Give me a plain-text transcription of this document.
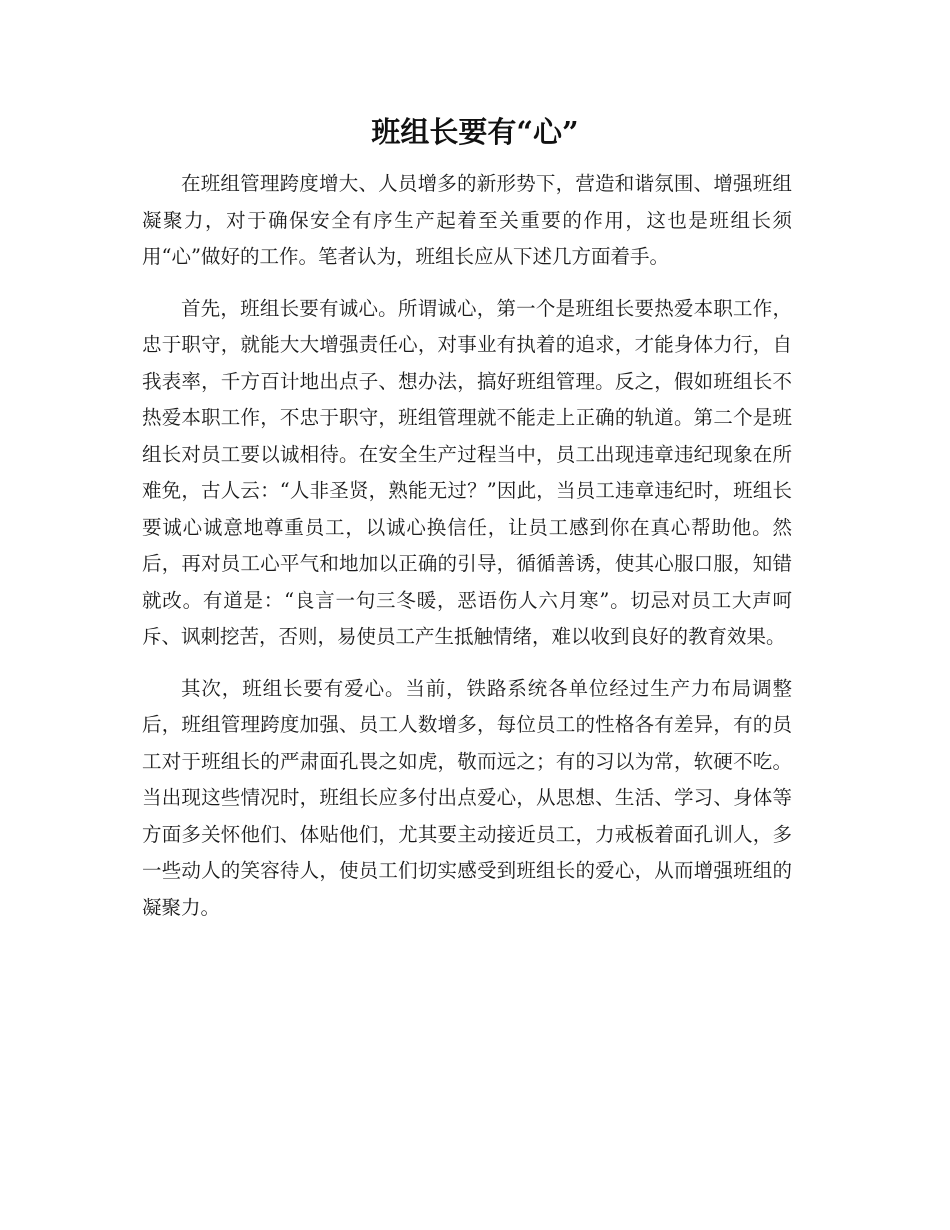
班组长要有“心”

在班组管理跨度增大、人员增多的新形势下，营造和谐氛围、增强班组凝聚力，对于确保安全有序生产起着至关重要的作用，这也是班组长须用“心”做好的工作。笔者认为，班组长应从下述几方面着手。

首先，班组长要有诚心。所谓诚心，第一个是班组长要热爱本职工作，忠于职守，就能大大增强责任心，对事业有执着的追求，才能身体力行，自我表率，千方百计地出点子、想办法，搞好班组管理。反之，假如班组长不热爱本职工作，不忠于职守，班组管理就不能走上正确的轨道。第二个是班组长对员工要以诚相待。在安全生产过程当中，员工出现违章违纪现象在所难免，古人云：“人非圣贤，熟能无过？”因此，当员工违章违纪时，班组长要诚心诚意地尊重员工，以诚心换信任，让员工感到你在真心帮助他。然后，再对员工心平气和地加以正确的引导，循循善诱，使其心服口服，知错就改。有道是：“良言一句三冬暖，恶语伤人六月寒”。切忌对员工大声呵斥、讽刺挖苦，否则，易使员工产生抵触情绪，难以收到良好的教育效果。

其次，班组长要有爱心。当前，铁路系统各单位经过生产力布局调整后，班组管理跨度加强、员工人数增多，每位员工的性格各有差异，有的员工对于班组长的严肃面孔畏之如虎，敬而远之；有的习以为常，软硬不吃。当出现这些情况时，班组长应多付出点爱心，从思想、生活、学习、身体等方面多关怀他们、体贴他们，尤其要主动接近员工，力戒板着面孔训人，多一些动人的笑容待人，使员工们切实感受到班组长的爱心，从而增强班组的凝聚力。
